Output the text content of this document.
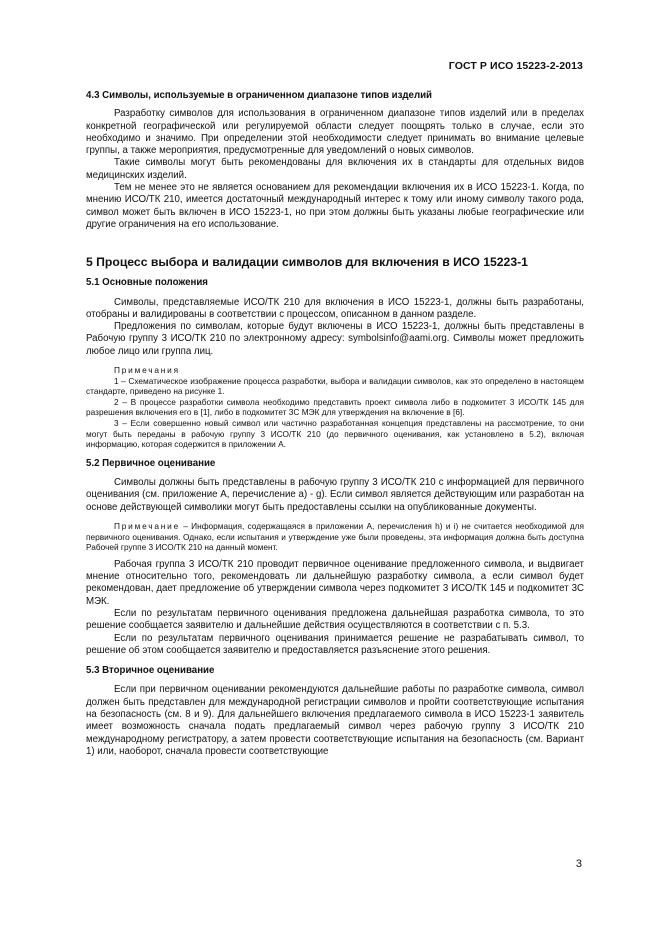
ГОСТ Р ИСО 15223-2-2013

4.3 Символы, используемые в ограниченном диапазоне типов изделий

Разработку символов для использования в ограниченном диапазоне типов изделий или в пределах конкретной географической или регулируемой области следует поощрять только в случае, если это необходимо и значимо. При определении этой необходимости следует принимать во внимание целевые группы, а также мероприятия, предусмотренные для уведомлений о новых символов.

Такие символы могут быть рекомендованы для включения их в стандарты для отдельных видов медицинских изделий.

Тем не менее это не является основанием для рекомендации включения их в ИСО 15223-1. Когда, по мнению ИСО/ТК 210, имеется достаточный международный интерес к тому или иному символу такого рода, символ может быть включен в ИСО 15223-1, но при этом должны быть указаны любые географические или другие ограничения на его использование.

5 Процесс выбора и валидации символов для включения в ИСО 15223-1

5.1 Основные положения

Символы, представляемые ИСО/ТК 210 для включения в ИСО 15223-1, должны быть разработаны, отобраны и валидированы в соответствии с процессом, описанном в данном разделе.

Предложения по символам, которые будут включены в ИСО 15223-1, должны быть представлены в Рабочую группу 3 ИСО/ТК 210 по электронному адресу: symbolsinfo@aami.org. Символы может предложить любое лицо или группа лиц.

Примечания

1 – Схематическое изображение процесса разработки, выбора и валидации символов, как это определено в настоящем стандарте, приведено на рисунке 1.

2 – В процессе разработки символа необходимо представить проект символа либо в подкомитет 3 ИСО/ТК 145 для разрешения включения его в [1], либо в подкомитет 3С МЭК для утверждения на включение в [6].

3 – Если совершенно новый символ или частично разработанная концепция представлены на рассмотрение, то они могут быть переданы в рабочую группу 3 ИСО/ТК 210 (до первичного оценивания, как установлено в 5.2), включая информацию, которая содержится в приложении А.

5.2 Первичное оценивание

Символы должны быть представлены в рабочую группу 3 ИСО/ТК 210 с информацией для первичного оценивания (см. приложение А, перечисление а) - g). Если символ является действующим или разработан на основе действующей символики могут быть предоставлены ссылки на опубликованные документы.

Примечание – Информация, содержащаяся в приложении А, перечисления h) и i) не считается необходимой для первичного оценивания. Однако, если испытания и утверждение уже были проведены, эта информация должна быть доступна Рабочей группе 3 ИСО/ТК 210 на данный момент.

Рабочая группа 3 ИСО/ТК 210 проводит первичное оценивание предложенного символа, и выдвигает мнение относительно того, рекомендовать ли дальнейшую разработку символа, а если символ будет рекомендован, дает предложение об утверждении символа через подкомитет 3 ИСО/ТК 145 и подкомитет 3С МЭК.

Если по результатам первичного оценивания предложена дальнейшая разработка символа, то это решение сообщается заявителю и дальнейшие действия осуществляются в соответствии с п. 5.3.

Если по результатам первичного оценивания принимается решение не разрабатывать символ, то решение об этом сообщается заявителю и предоставляется разъяснение этого решения.

5.3 Вторичное оценивание

Если при первичном оценивании рекомендуются дальнейшие работы по разработке символа, символ должен быть представлен для международной регистрации символов и пройти соответствующие испытания на безопасность (см. 8 и 9). Для дальнейшего включения предлагаемого символа в ИСО 15223-1 заявитель имеет возможность сначала подать предлагаемый символ через рабочую группу 3 ИСО/ТК 210 международному регистратору, а затем провести соответствующие испытания на безопасность (см. Вариант 1) или, наоборот, сначала провести соответствующие

3
